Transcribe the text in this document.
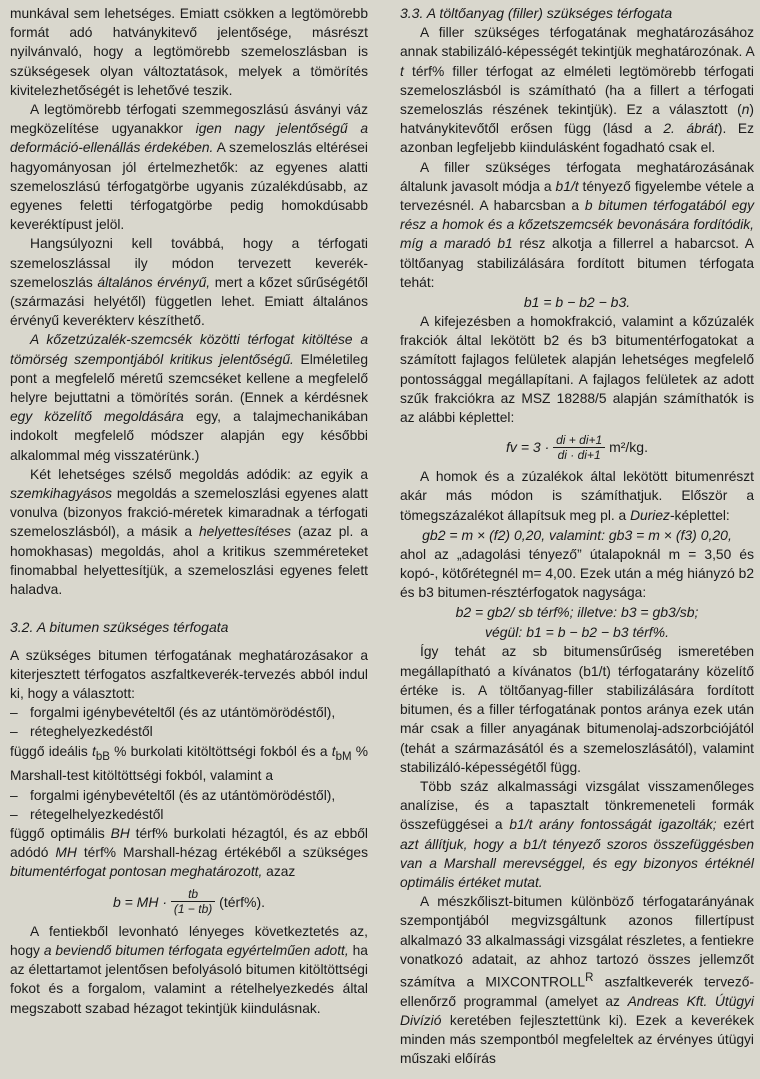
munkával sem lehetséges. Emiatt csökken a legtömörebb formát adó hatványkitevő jelentősége, másrészt nyilvánvaló, hogy a legtömörebb szemeloszlásban is szükségesek olyan változtatások, melyek a tömörítés kivitelezhetőségét is lehetővé teszik.

A legtömörebb térfogati szemmegoszlású ásványi váz megközelítése ugyanakkor igen nagy jelentőségű a deformáció-ellenállás érdekében. A szemeloszlás eltérései hagyományosan jól értelmezhetők: az egyenes alatti szemeloszlású térfogatgörbe ugyanis zúzalékdúsabb, az egyenes feletti térfogatgörbe pedig homokdúsabb keveréktípust jelöl.

Hangsúlyozni kell továbbá, hogy a térfogati szemeloszlással ily módon tervezett keverék-szemeloszlás általános érvényű, mert a kőzet sűrűségétől (származási helyétől) független lehet. Emiatt általános érvényű keverékterv készíthető.

A kőzetzúzalék-szemcsék közötti térfogat kitöltése a tömörség szempontjából kritikus jelentőségű. Elméletileg pont a megfelelő méretű szemcséket kellene a megfelelő helyre bejuttatni a tömörítés során. (Ennek a kérdésnek egy közelítő megoldására egy, a talajmechanikában indokolt megfelelő módszer alapján egy későbbi alkalommal még visszatérünk.)

Két lehetséges szélső megoldás adódik: az egyik a szemkihagyásos megoldás a szemeloszlási egyenes alatt vonulva (bizonyos frakció-méretek kimaradnak a térfogati szemeloszlásból), a másik a helyettesítéses (azaz pl. a homokhasas) megoldás, ahol a kritikus szemméreteket finomabbal helyettesítjük, a szemeloszlási egyenes felett haladva.

3.2. A bitumen szükséges térfogata

A szükséges bitumen térfogatának meghatározásakor a kiterjesztett térfogatos aszfaltkeverék-tervezés abból indul ki, hogy a választott:

– forgalmi igénybevételtől (és az utántömörödéstől),
– réteghelyezkedéstől

függő ideális $t_{bB}$ % burkolati kitöltöttségi fokból és a $t_{bM}$ % Marshall-test kitöltöttségi fokból, valamint a

– forgalmi igénybevételtől (és az utántömörödéstől),
– rétegelhelyezkedéstől

függő optimális BH térf% burkolati hézagtól, és az ebből adódó MH térf% Marshall-hézag értékéből a szükséges bitumentérfogat pontosan meghatározott, azaz

b = MH ·
$\frac{tb}{(1 - tb)}$
(térf%).

A fentiekből levonható lényeges következtetés az, hogy a beviendő bitumen térfogata egyértelműen adott, ha az élettartamot jelentősen befolyásoló bitumen kitöltöttségi fokot és a forgalom, valamint a rételhelyezkedés által megszabott szabad hézagot tekintjük kiindulásnak.

3.3. A töltőanyag (filler) szükséges térfogata

A filler szükséges térfogatának meghatározásához annak stabilizáló-képességét tekintjük meghatározónak. A t térf% filler térfogat az elméleti legtömörebb térfogati szemeloszlásból is számítható (ha a fillert a térfogati szemeloszlás részének tekintjük). Ez a választott (n) hatványkitevőtől erősen függ (lásd a 2. ábrát). Ez azonban legfeljebb kiindulásként fogadható csak el.

A filler szükséges térfogata meghatározásának általunk javasolt módja a b1/t tényező figyelembe vétele a tervezésnél. A habarcsban a b bitumen térfogatából egy rész a homok és a kőzetszemcsék bevonására fordítódik, míg a maradó b1 rész alkotja a fillerrel a habarcsot. A töltőanyag stabilizálására fordított bitumen térfogata tehát:

b1 = b − b2 − b3.

A kifejezésben a homokfrakció, valamint a kőzúzalék frakciók által lekötött b2 és b3 bitumentérfogatokat a számított fajlagos felületek alapján lehetséges megfelelő pontossággal megállapítani. A fajlagos felületek az adott szűk frakciókra az MSZ 18288/5 alapján számíthatók is az alábbi képlettel:

fv = 3 ·
$\frac{di + di+1}{di \cdot di+1}$
m²/kg.

A homok és a zúzalékok által lekötött bitumenrészt akár más módon is számíthatjuk. Először a tömegszázalékot állapítsuk meg pl. a Duriez-képlettel:

gb2 = m × (f2) 0,20, valamint: gb3 = m × (f3) 0,20,

ahol az „adagolási tényező” útalapoknál m = 3,50 és kopó-, kötőrétegnél m= 4,00. Ezek után a még hiányzó b2 és b3 bitumen-résztérfogatok nagysága:

b2 = gb2/ sb térf%; illetve: b3 = gb3/sb;

végül: b1 = b − b2 − b3 térf%.

Így tehát az sb bitumensűrűség ismeretében megállapítható a kívánatos (b1/t) térfogatarány közelítő értéke is. A töltőanyag-filler stabilizálására fordított bitumen, és a filler térfogatának pontos aránya ezek után már csak a filler anyagának bitumenolaj-adszorbciójától (tehát a származásától és a szemeloszlásától), valamint stabilizáló-képességétől függ.

Több száz alkalmassági vizsgálat visszamenőleges analízise, és a tapasztalt tönkremeneteli formák összefüggései a b1/t arány fontosságát igazolták; ezért azt állítjuk, hogy a b1/t tényező szoros összefüggésben van a Marshall merevséggel, és egy bizonyos értéknél optimális értéket mutat.

A mészkőliszt-bitumen különböző térfogatarányának szempontjából megvizsgáltunk azonos fillertípust alkalmazó 33 alkalmassági vizsgálat részletes, a fentiekre vonatkozó adatait, az ahhoz tartozó összes jellemzőt számítva a $MIXCONTROLL^R$ aszfaltkeverék tervező-ellenőrző programmal (amelyet az Andreas Kft. Útügyi Divízió keretében fejlesztettünk ki). Ezek a keverékek minden más szempontból megfeleltek az érvényes útügyi műszaki előírás
